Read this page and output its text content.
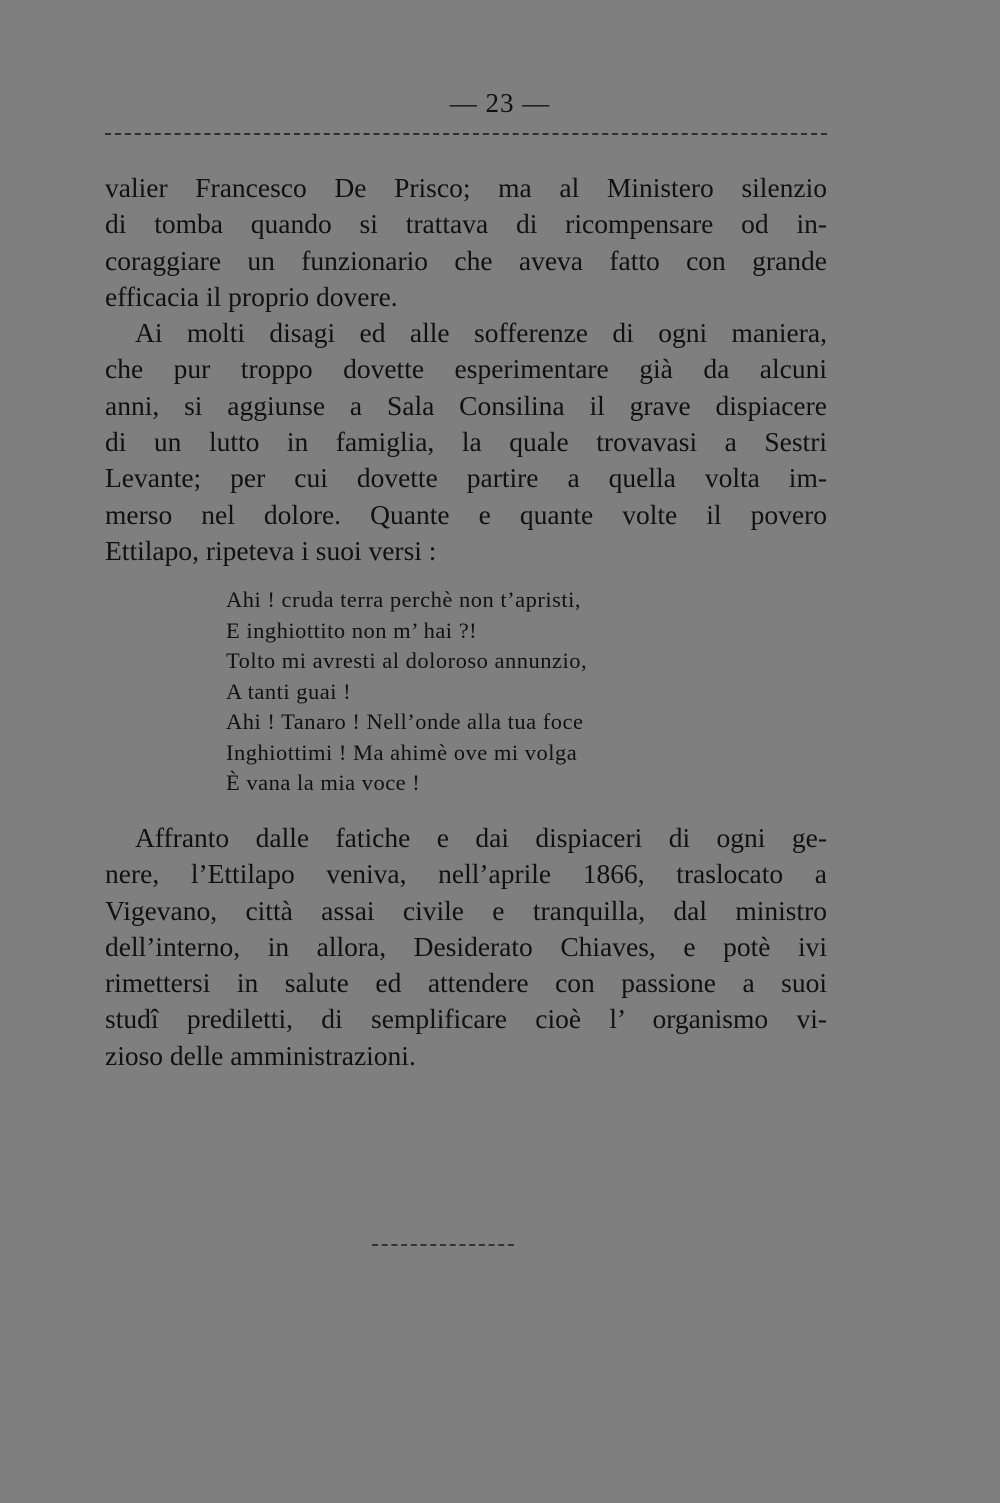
— 23 —
valier Francesco De Prisco; ma al Ministero silenzio
di tomba quando si trattava di ricompensare od in-
coraggiare un funzionario che aveva fatto con grande
efficacia il proprio dovere.
Ai molti disagi ed alle sofferenze di ogni maniera,
che pur troppo dovette esperimentare già da alcuni
anni, si aggiunse a Sala Consilina il grave dispiacere
di un lutto in famiglia, la quale trovavasi a Sestri
Levante; per cui dovette partire a quella volta im-
merso nel dolore. Quante e quante volte il povero
Ettilapo, ripeteva i suoi versi :
Ahi ! cruda terra perchè non t’apristi,
E inghiottito non m’ hai ?!
Tolto mi avresti al doloroso annunzio,
A tanti guai !
Ahi ! Tanaro ! Nell’onde alla tua foce
Inghiottimi ! Ma ahimè ove mi volga
È vana la mia voce !
Affranto dalle fatiche e dai dispiaceri di ogni ge-
nere, l’Ettilapo veniva, nell’aprile 1866, traslocato a
Vigevano, città assai civile e tranquilla, dal ministro
dell’interno, in allora, Desiderato Chiaves, e potè ivi
rimettersi in salute ed attendere con passione a suoi
studî prediletti, di semplificare cioè l’ organismo vi-
zioso delle amministrazioni.
